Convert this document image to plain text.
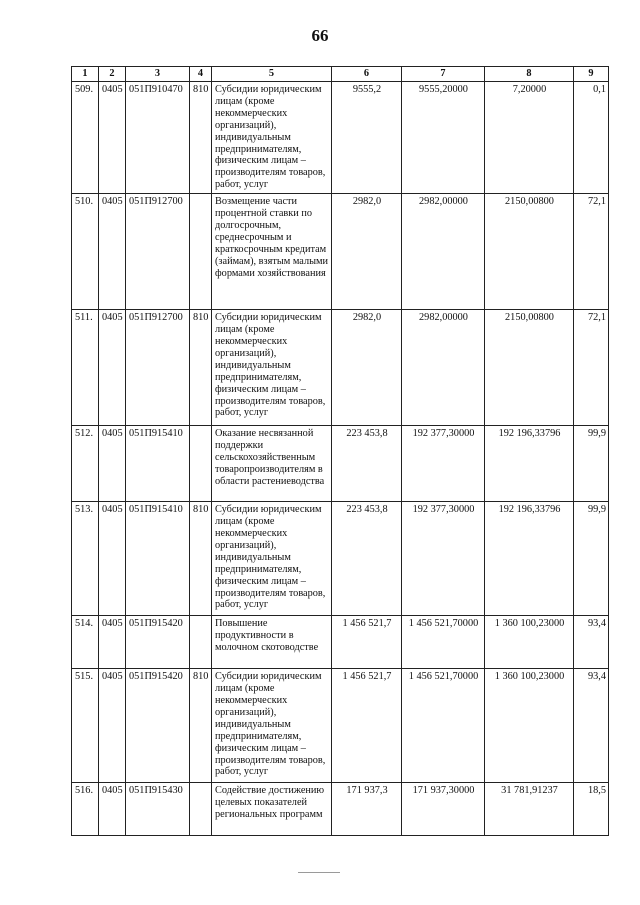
66
1	2	3	4	5	6	7	8	9
509.	0405	051П910470	810	Субсидии юридическим лицам (кроме некоммерческих организаций), индивидуальным предпринимателям, физическим лицам – производителям товаров, работ, услуг	9555,2	9555,20000	7,20000	0,1
510.	0405	051П912700		Возмещение части процентной ставки по долгосрочным, среднесрочным и краткосрочным кредитам (займам), взятым малыми формами хозяйствования	2982,0	2982,00000	2150,00800	72,1
511.	0405	051П912700	810	Субсидии юридическим лицам (кроме некоммерческих организаций), индивидуальным предпринимателям, физическим лицам – производителям товаров, работ, услуг	2982,0	2982,00000	2150,00800	72,1
512.	0405	051П915410		Оказание несвязанной поддержки сельскохозяйственным товаропроизводителям в области растениеводства	223 453,8	192 377,30000	192 196,33796	99,9
513.	0405	051П915410	810	Субсидии юридическим лицам (кроме некоммерческих организаций), индивидуальным предпринимателям, физическим лицам – производителям товаров, работ, услуг	223 453,8	192 377,30000	192 196,33796	99,9
514.	0405	051П915420		Повышение продуктивности в молочном скотоводстве	1 456 521,7	1 456 521,70000	1 360 100,23000	93,4
515.	0405	051П915420	810	Субсидии юридическим лицам (кроме некоммерческих организаций), индивидуальным предпринимателям, физическим лицам – производителям товаров, работ, услуг	1 456 521,7	1 456 521,70000	1 360 100,23000	93,4
516.	0405	051П915430		Содействие достижению целевых показателей региональных программ	171 937,3	171 937,30000	31 781,91237	18,5
